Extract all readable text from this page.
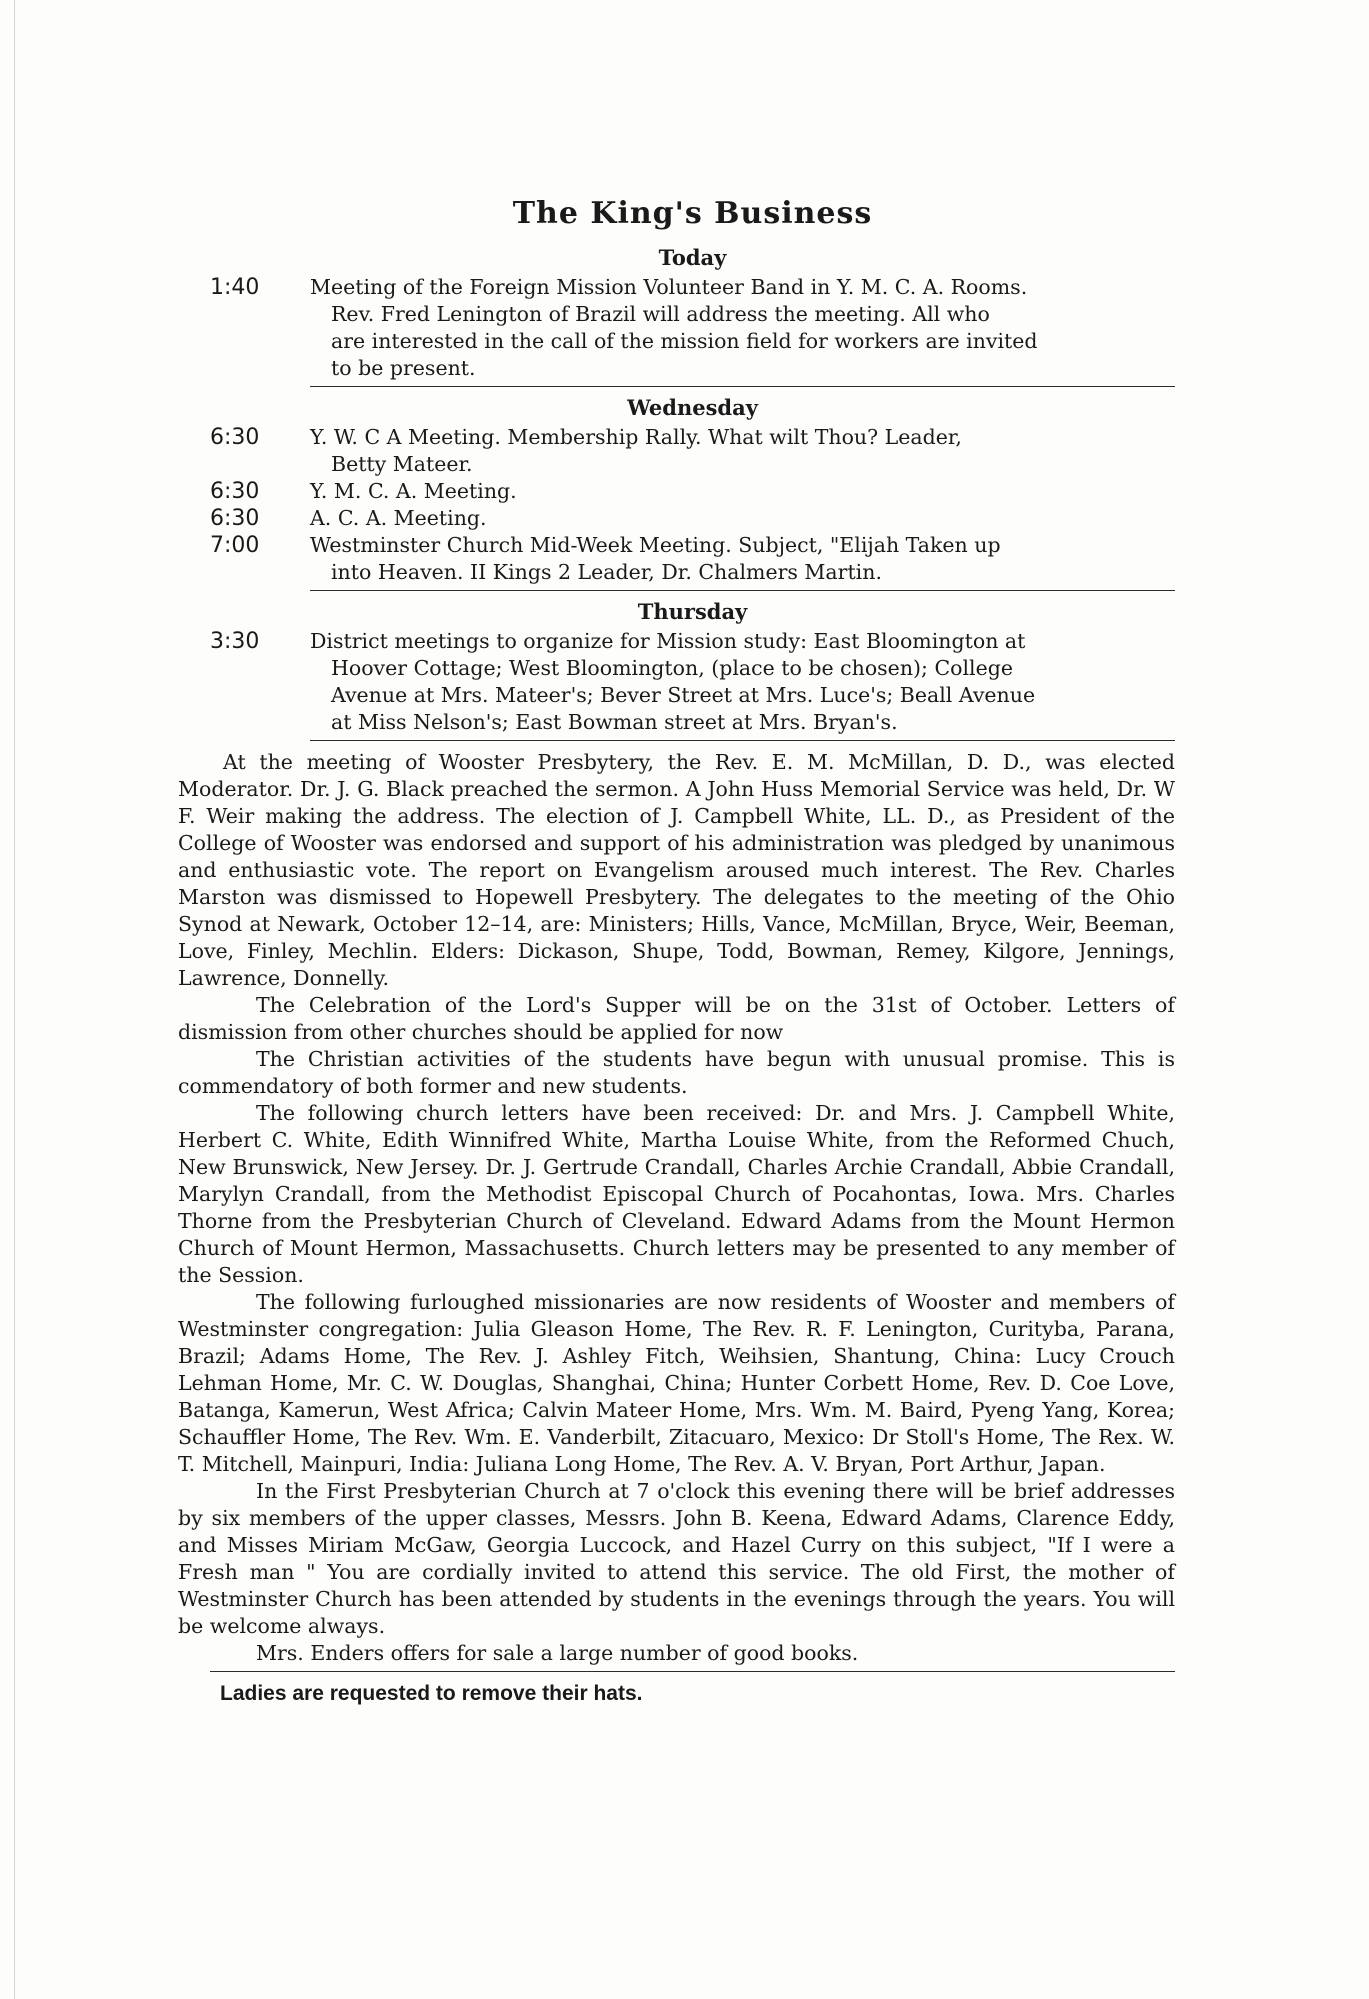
The King's Business
Today
1:40	Meeting of the Foreign Mission Volunteer Band in Y. M. C. A. Rooms.
Rev. Fred Lenington of Brazil will address the meeting. All who
are interested in the call of the mission field for workers are invited
to be present.
Wednesday
6:30	Y. W. C A Meeting. Membership Rally. What wilt Thou? Leader,
Betty Mateer.
6:30	Y. M. C. A. Meeting.
6:30	A. C. A. Meeting.
7:00	Westminster Church Mid-Week Meeting. Subject, "Elijah Taken up
into Heaven. II Kings 2 Leader, Dr. Chalmers Martin.
Thursday
3:30	District meetings to organize for Mission study: East Bloomington at
Hoover Cottage; West Bloomington, (place to be chosen); College
Avenue at Mrs. Mateer's; Bever Street at Mrs. Luce's; Beall Avenue
at Miss Nelson's; East Bowman street at Mrs. Bryan's.

At the meeting of Wooster Presbytery, the Rev. E. M. McMillan, D. D., was elected Moderator. Dr. J. G. Black preached the sermon. A John Huss Memorial Service was held, Dr. W F. Weir making the address. The election of J. Campbell White, LL. D., as President of the College of Wooster was endorsed and support of his administration was pledged by unanimous and enthusiastic vote. The report on Evangelism aroused much interest. The Rev. Charles Marston was dismissed to Hopewell Presbytery. The delegates to the meeting of the Ohio Synod at Newark, October 12–14, are: Ministers; Hills, Vance, McMillan, Bryce, Weir, Beeman, Love, Finley, Mechlin. Elders: Dickason, Shupe, Todd, Bowman, Remey, Kilgore, Jennings, Lawrence, Donnelly.

The Celebration of the Lord's Supper will be on the 31st of October. Letters of dismission from other churches should be applied for now

The Christian activities of the students have begun with unusual promise. This is commendatory of both former and new students.

The following church letters have been received: Dr. and Mrs. J. Campbell White, Herbert C. White, Edith Winnifred White, Martha Louise White, from the Reformed Chuch, New Brunswick, New Jersey. Dr. J. Gertrude Crandall, Charles Archie Crandall, Abbie Crandall, Marylyn Crandall, from the Methodist Episcopal Church of Pocahontas, Iowa. Mrs. Charles Thorne from the Presbyterian Church of Cleveland. Edward Adams from the Mount Hermon Church of Mount Hermon, Massachusetts. Church letters may be presented to any member of the Session.

The following furloughed missionaries are now residents of Wooster and members of Westminster congregation: Julia Gleason Home, The Rev. R. F. Lenington, Curityba, Parana, Brazil; Adams Home, The Rev. J. Ashley Fitch, Weihsien, Shantung, China: Lucy Crouch Lehman Home, Mr. C. W. Douglas, Shanghai, China; Hunter Corbett Home, Rev. D. Coe Love, Batanga, Kamerun, West Africa; Calvin Mateer Home, Mrs. Wm. M. Baird, Pyeng Yang, Korea; Schauffler Home, The Rev. Wm. E. Vanderbilt, Zitacuaro, Mexico: Dr Stoll's Home, The Rex. W. T. Mitchell, Mainpuri, India: Juliana Long Home, The Rev. A. V. Bryan, Port Arthur, Japan.

In the First Presbyterian Church at 7 o'clock this evening there will be brief addresses by six members of the upper classes, Messrs. John B. Keena, Edward Adams, Clarence Eddy, and Misses Miriam McGaw, Georgia Luccock, and Hazel Curry on this subject, "If I were a Fresh man " You are cordially invited to attend this service. The old First, the mother of Westminster Church has been attended by students in the evenings through the years. You will be welcome always.

Mrs. Enders offers for sale a large number of good books.

Ladies are requested to remove their hats.
